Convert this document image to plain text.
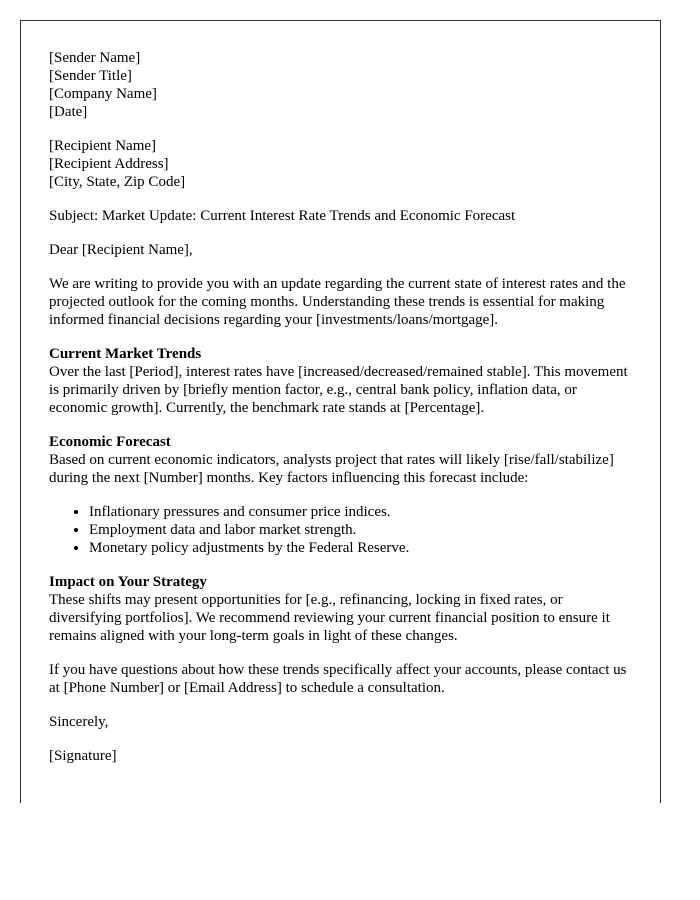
[Sender Name]
[Sender Title]
[Company Name]
[Date]

[Recipient Name]
[Recipient Address]
[City, State, Zip Code]

Subject: Market Update: Current Interest Rate Trends and Economic Forecast

Dear [Recipient Name],

We are writing to provide you with an update regarding the current state of interest rates and the projected outlook for the coming months. Understanding these trends is essential for making informed financial decisions regarding your [investments/loans/mortgage].

Current Market Trends
Over the last [Period], interest rates have [increased/decreased/remained stable]. This movement is primarily driven by [briefly mention factor, e.g., central bank policy, inflation data, or economic growth]. Currently, the benchmark rate stands at [Percentage].

Economic Forecast
Based on current economic indicators, analysts project that rates will likely [rise/fall/stabilize] during the next [Number] months. Key factors influencing this forecast include:

• Inflationary pressures and consumer price indices.
• Employment data and labor market strength.
• Monetary policy adjustments by the Federal Reserve.

Impact on Your Strategy
These shifts may present opportunities for [e.g., refinancing, locking in fixed rates, or diversifying portfolios]. We recommend reviewing your current financial position to ensure it remains aligned with your long-term goals in light of these changes.

If you have questions about how these trends specifically affect your accounts, please contact us at [Phone Number] or [Email Address] to schedule a consultation.

Sincerely,

[Signature]
